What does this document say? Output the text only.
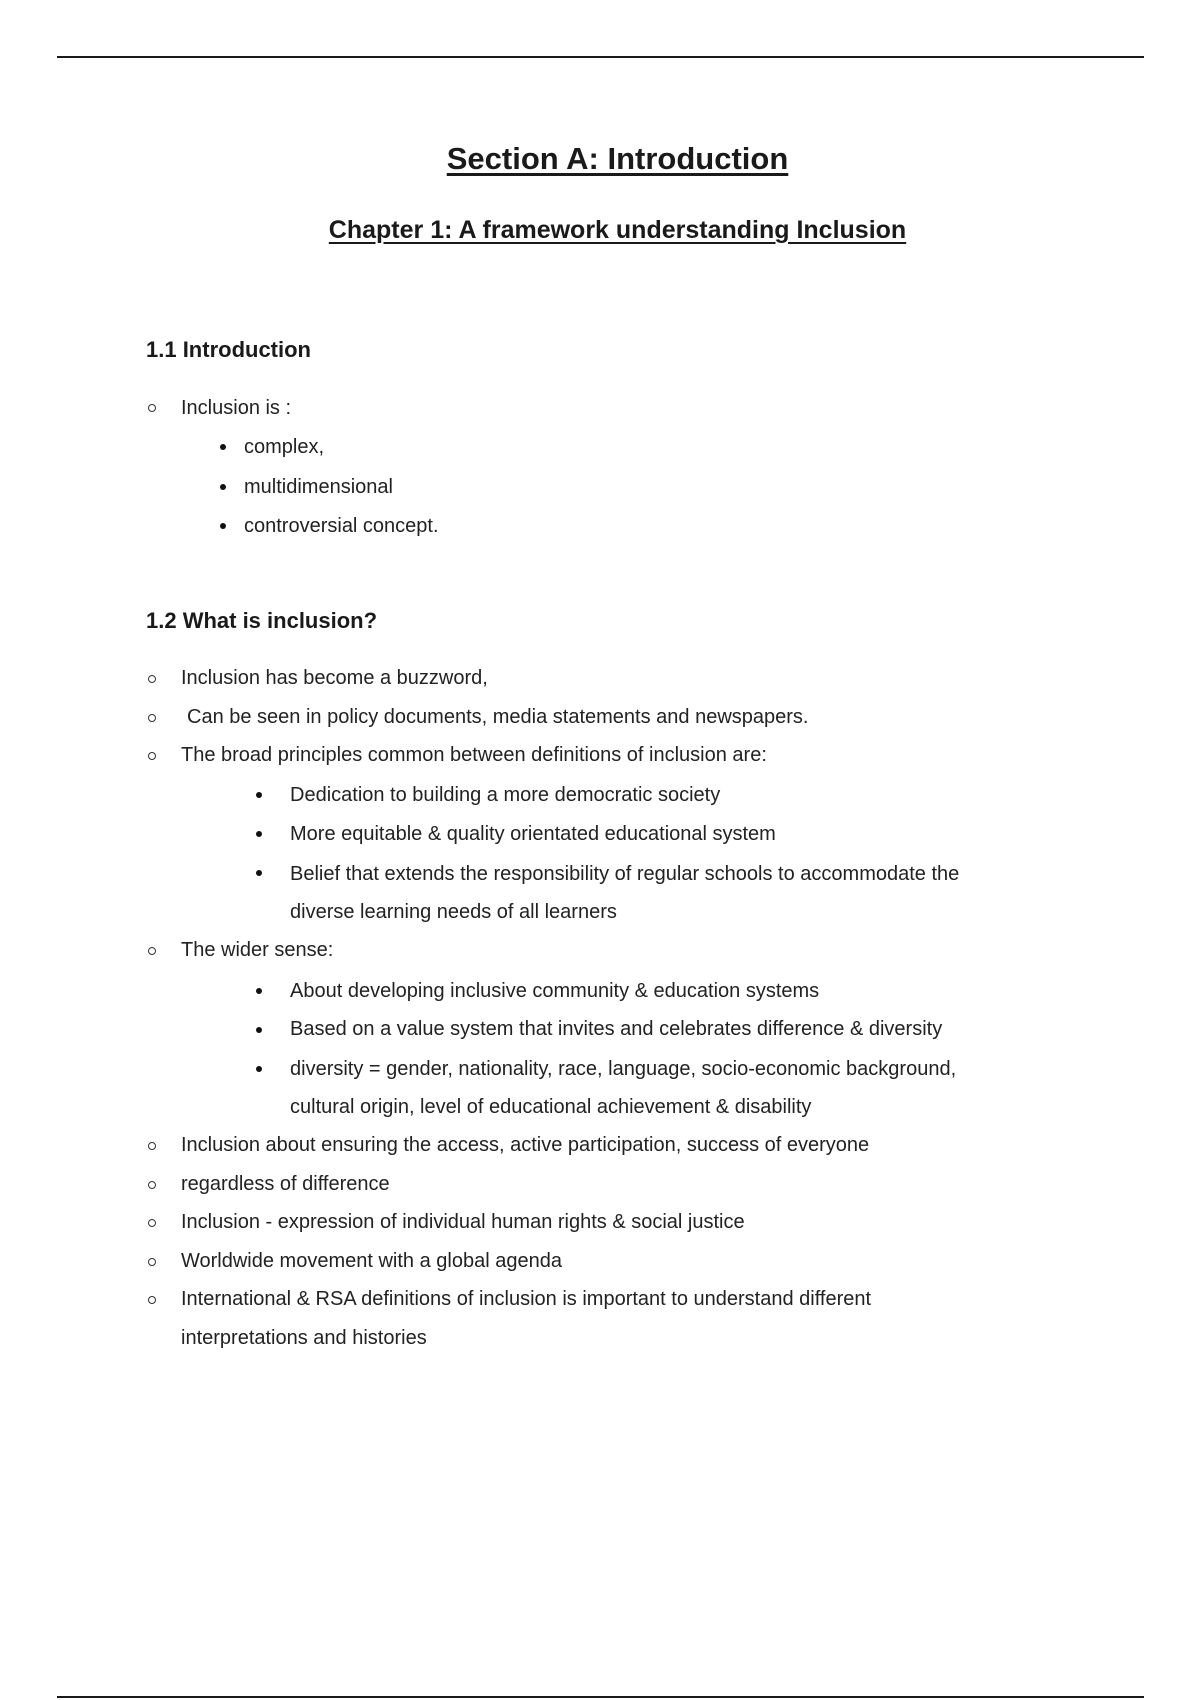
Section A: Introduction
Chapter 1: A framework understanding Inclusion
1.1 Introduction
Inclusion is :
complex,
multidimensional
controversial concept.
1.2 What is inclusion?
Inclusion has become a buzzword,
Can be seen in policy documents, media statements and newspapers.
The broad principles common between definitions of inclusion are:
Dedication to building a more democratic society
More equitable & quality orientated educational system
Belief that extends the responsibility of regular schools to accommodate the
diverse learning needs of all learners
The wider sense:
About developing inclusive community & education systems
Based on a value system that invites and celebrates difference & diversity
diversity = gender, nationality, race, language, socio-economic background,
cultural origin, level of educational achievement & disability
Inclusion about ensuring the access, active participation, success of everyone
regardless of difference
Inclusion - expression of individual human rights & social justice
Worldwide movement with a global agenda
International & RSA definitions of inclusion is important to understand different
interpretations and histories
